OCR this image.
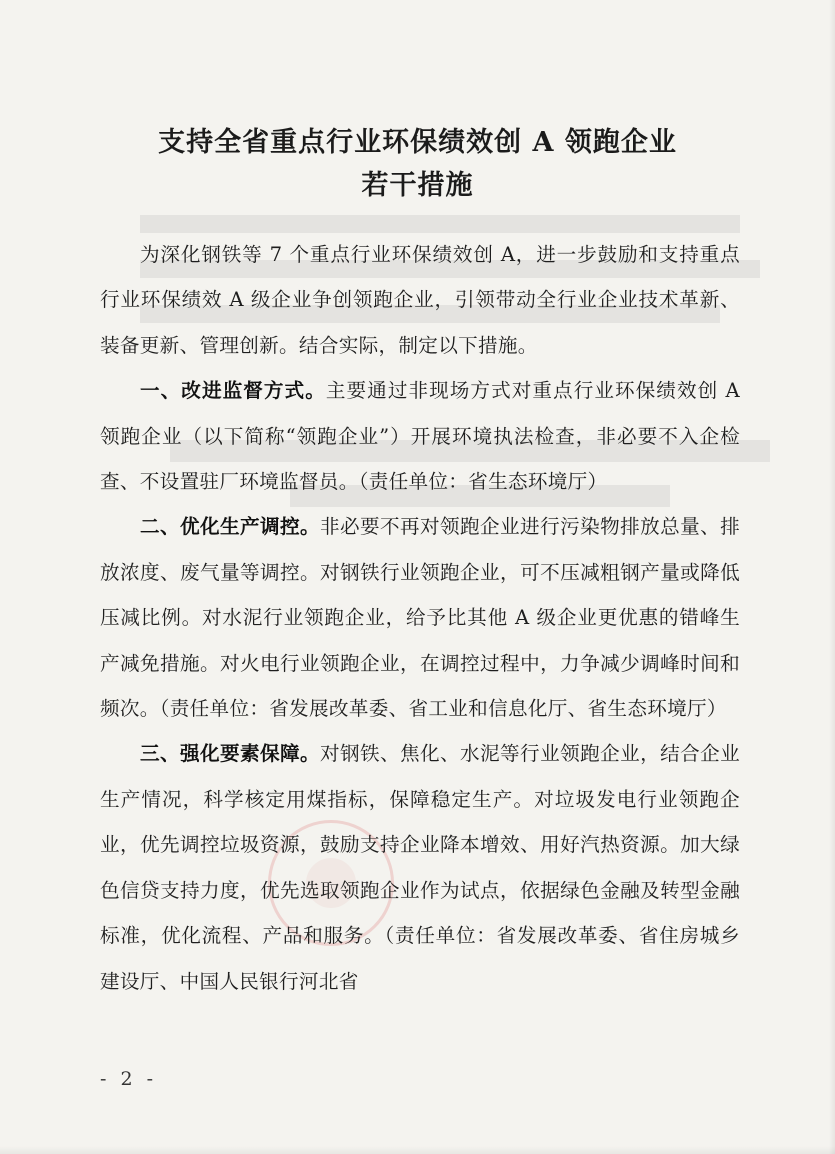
支持全省重点行业环保绩效创 A 领跑企业
若干措施

为深化钢铁等 7 个重点行业环保绩效创 A，进一步鼓励和支持重点行业环保绩效 A 级企业争创领跑企业，引领带动全行业企业技术革新、装备更新、管理创新。结合实际，制定以下措施。

一、改进监督方式。主要通过非现场方式对重点行业环保绩效创 A 领跑企业（以下简称“领跑企业”）开展环境执法检查，非必要不入企检查、不设置驻厂环境监督员。（责任单位：省生态环境厅）

二、优化生产调控。非必要不再对领跑企业进行污染物排放总量、排放浓度、废气量等调控。对钢铁行业领跑企业，可不压减粗钢产量或降低压减比例。对水泥行业领跑企业，给予比其他 A 级企业更优惠的错峰生产减免措施。对火电行业领跑企业，在调控过程中，力争减少调峰时间和频次。（责任单位：省发展改革委、省工业和信息化厅、省生态环境厅）

三、强化要素保障。对钢铁、焦化、水泥等行业领跑企业，结合企业生产情况，科学核定用煤指标，保障稳定生产。对垃圾发电行业领跑企业，优先调控垃圾资源，鼓励支持企业降本增效、用好汽热资源。加大绿色信贷支持力度，优先选取领跑企业作为试点，依据绿色金融及转型金融标准，优化流程、产品和服务。（责任单位：省发展改革委、省住房城乡建设厅、中国人民银行河北省

- 2 -
